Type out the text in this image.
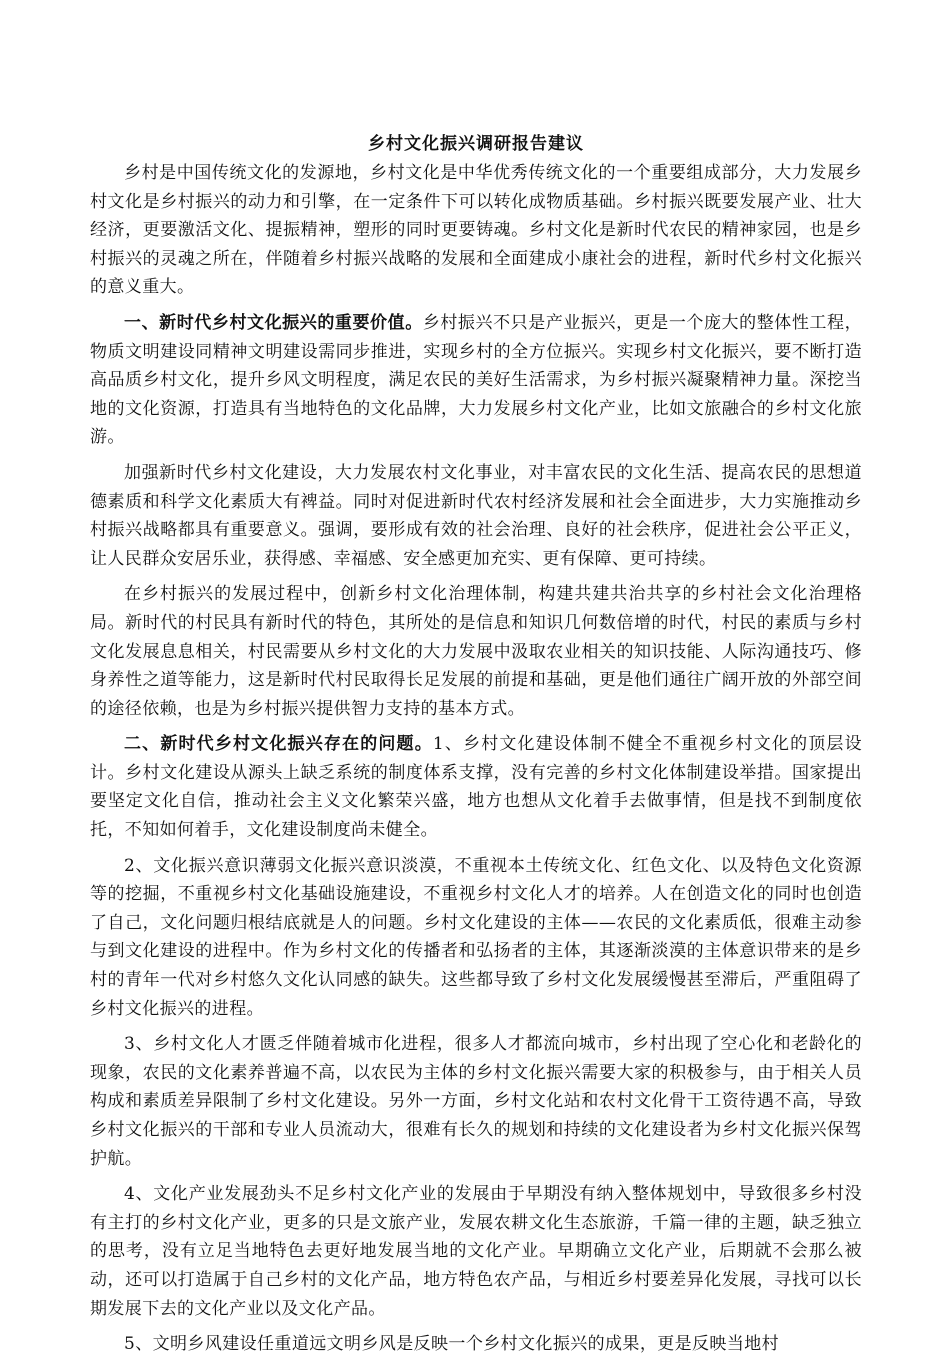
乡村文化振兴调研报告建议

乡村是中国传统文化的发源地，乡村文化是中华优秀传统文化的一个重要组成部分，大力发展乡村文化是乡村振兴的动力和引擎，在一定条件下可以转化成物质基础。乡村振兴既要发展产业、壮大经济，更要激活文化、提振精神，塑形的同时更要铸魂。乡村文化是新时代农民的精神家园，也是乡村振兴的灵魂之所在，伴随着乡村振兴战略的发展和全面建成小康社会的进程，新时代乡村文化振兴的意义重大。

一、新时代乡村文化振兴的重要价值。乡村振兴不只是产业振兴，更是一个庞大的整体性工程，物质文明建设同精神文明建设需同步推进，实现乡村的全方位振兴。实现乡村文化振兴，要不断打造高品质乡村文化，提升乡风文明程度，满足农民的美好生活需求，为乡村振兴凝聚精神力量。深挖当地的文化资源，打造具有当地特色的文化品牌，大力发展乡村文化产业，比如文旅融合的乡村文化旅游。

加强新时代乡村文化建设，大力发展农村文化事业，对丰富农民的文化生活、提高农民的思想道德素质和科学文化素质大有裨益。同时对促进新时代农村经济发展和社会全面进步，大力实施推动乡村振兴战略都具有重要意义。强调，要形成有效的社会治理、良好的社会秩序，促进社会公平正义，让人民群众安居乐业，获得感、幸福感、安全感更加充实、更有保障、更可持续。

在乡村振兴的发展过程中，创新乡村文化治理体制，构建共建共治共享的乡村社会文化治理格局。新时代的村民具有新时代的特色，其所处的是信息和知识几何数倍增的时代，村民的素质与乡村文化发展息息相关，村民需要从乡村文化的大力发展中汲取农业相关的知识技能、人际沟通技巧、修身养性之道等能力，这是新时代村民取得长足发展的前提和基础，更是他们通往广阔开放的外部空间的途径依赖，也是为乡村振兴提供智力支持的基本方式。

二、新时代乡村文化振兴存在的问题。1、乡村文化建设体制不健全不重视乡村文化的顶层设计。乡村文化建设从源头上缺乏系统的制度体系支撑，没有完善的乡村文化体制建设举措。国家提出要坚定文化自信，推动社会主义文化繁荣兴盛，地方也想从文化着手去做事情，但是找不到制度依托，不知如何着手，文化建设制度尚未健全。

2、文化振兴意识薄弱文化振兴意识淡漠，不重视本土传统文化、红色文化、以及特色文化资源等的挖掘，不重视乡村文化基础设施建设，不重视乡村文化人才的培养。人在创造文化的同时也创造了自己，文化问题归根结底就是人的问题。乡村文化建设的主体——农民的文化素质低，很难主动参与到文化建设的进程中。作为乡村文化的传播者和弘扬者的主体，其逐渐淡漠的主体意识带来的是乡村的青年一代对乡村悠久文化认同感的缺失。这些都导致了乡村文化发展缓慢甚至滞后，严重阻碍了乡村文化振兴的进程。

3、乡村文化人才匮乏伴随着城市化进程，很多人才都流向城市，乡村出现了空心化和老龄化的现象，农民的文化素养普遍不高，以农民为主体的乡村文化振兴需要大家的积极参与，由于相关人员构成和素质差异限制了乡村文化建设。另外一方面，乡村文化站和农村文化骨干工资待遇不高，导致乡村文化振兴的干部和专业人员流动大，很难有长久的规划和持续的文化建设者为乡村文化振兴保驾护航。

4、文化产业发展劲头不足乡村文化产业的发展由于早期没有纳入整体规划中，导致很多乡村没有主打的乡村文化产业，更多的只是文旅产业，发展农耕文化生态旅游，千篇一律的主题，缺乏独立的思考，没有立足当地特色去更好地发展当地的文化产业。早期确立文化产业，后期就不会那么被动，还可以打造属于自己乡村的文化产品，地方特色农产品，与相近乡村要差异化发展，寻找可以长期发展下去的文化产业以及文化产品。

5、文明乡风建设任重道远文明乡风是反映一个乡村文化振兴的成果，更是反映当地村
